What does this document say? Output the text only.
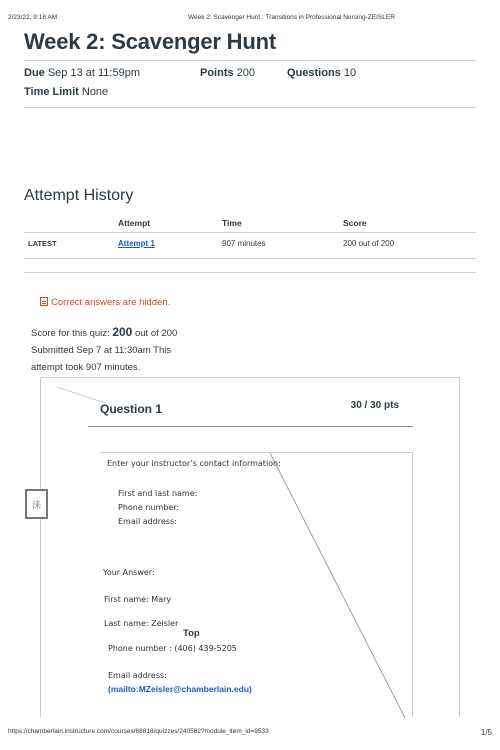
2/23/22, 9:18 AM	Week 2: Scavenger Hunt : Transitions in Professional Nursing-ZEISLER
Week 2: Scavenger Hunt
Due Sep 13 at 11:59pm	Points 200	Questions 10
Time Limit None
Attempt History
	Attempt	Time	Score
LATEST	Attempt 1	907 minutes	200 out of 200
Correct answers are hidden.
Score for this quiz: 200 out of 200
Submitted Sep 7 at 11:30am This
attempt took 907 minutes.
涞
Question 1	30 / 30 pts
Enter your instructor’s contact information:
First and last name:
Phone number:
Email address:
Your Answer:
First name: Mary
Last name: Zeisler
Phone number : (406) 439-5205
Email address:
(mailto:MZeisler@chamberlain.edu)
Top
https://chamberlain.instructure.com/courses/68818/quizzes/240562?module_item_id=9533	1/5
